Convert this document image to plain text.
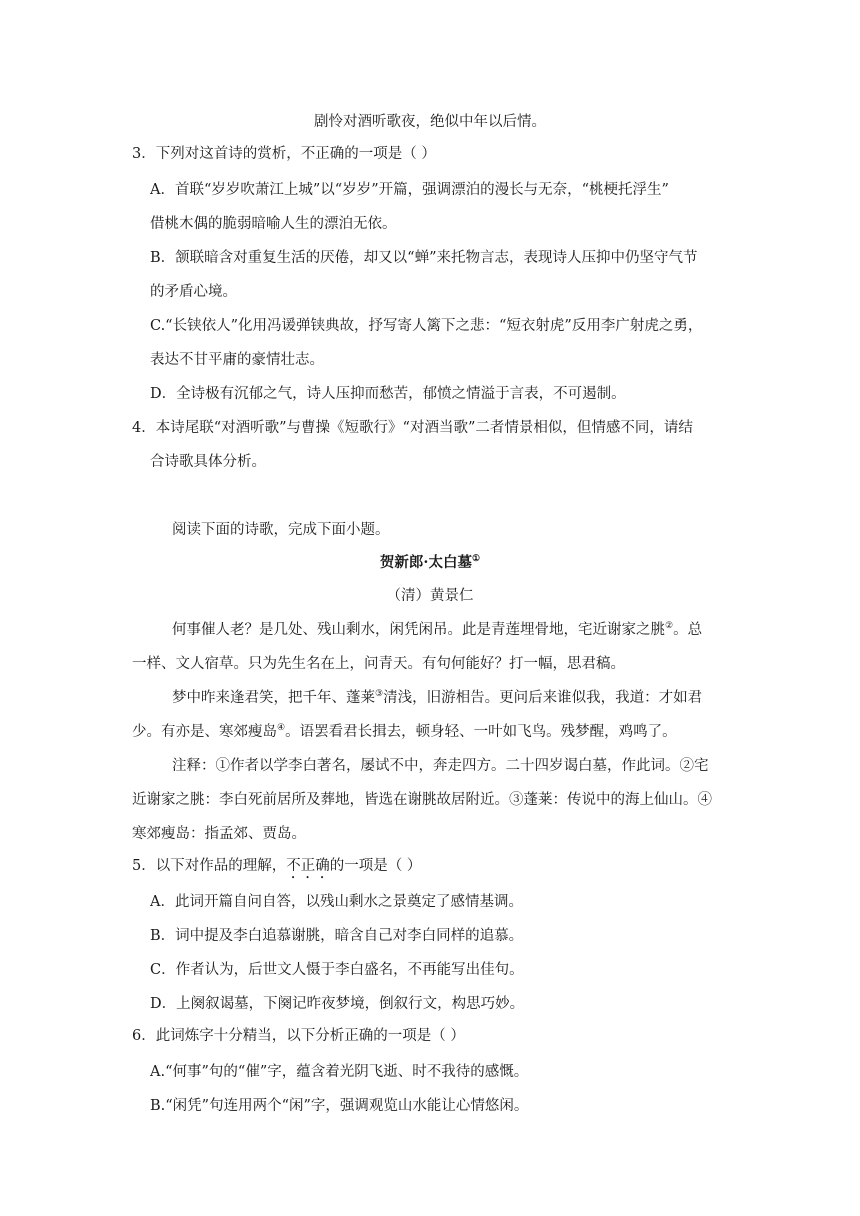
剧怜对酒听歌夜，绝似中年以后情。
3．下列对这首诗的赏析，不正确的一项是（ ）
A．首联“岁岁吹萧江上城”以“岁岁”开篇，强调漂泊的漫长与无奈，“桃梗托浮生”
借桃木偶的脆弱暗喻人生的漂泊无依。
B．颔联暗含对重复生活的厌倦，却又以“蝉”来托物言志，表现诗人压抑中仍坚守气节
的矛盾心境。
C.“长铗依人”化用冯谖弹铗典故，抒写寄人篱下之悲：“短衣射虎”反用李广射虎之勇，
表达不甘平庸的豪情壮志。
D．全诗极有沉郁之气，诗人压抑而愁苦，郁愤之情溢于言表，不可遏制。
4．本诗尾联“对酒听歌”与曹操《短歌行》“对酒当歌”二者情景相似，但情感不同，请结
合诗歌具体分析。
阅读下面的诗歌，完成下面小题。
贺新郎·太白墓①
（清）黄景仁
何事催人老？是几处、残山剩水，闲凭闲吊。此是青莲埋骨地，宅近谢家之朓②。总
一样、文人宿草。只为先生名在上，问青天。有句何能好？打一幅，思君稿。
梦中昨来逢君笑，把千年、蓬莱③清浅，旧游相告。更问后来谁似我，我道：才如君
少。有亦是、寒郊瘦岛④。语罢看君长揖去，顿身轻、一叶如飞鸟。残梦醒，鸡鸣了。
注释：①作者以学李白著名，屡试不中，奔走四方。二十四岁谒白墓，作此词。②宅
近谢家之朓：李白死前居所及葬地，皆选在谢朓故居附近。③蓬莱：传说中的海上仙山。④
寒郊瘦岛：指孟郊、贾岛。
5．以下对作品的理解，不正确的一项是（ ）
A．此词开篇自问自答，以残山剩水之景奠定了感情基调。
B．词中提及李白追慕谢朓，暗含自己对李白同样的追慕。
C．作者认为，后世文人慑于李白盛名，不再能写出佳句。
D．上阕叙谒墓，下阕记昨夜梦境，倒叙行文，构思巧妙。
6．此词炼字十分精当，以下分析正确的一项是（ ）
A.“何事”句的“催”字，蕴含着光阴飞逝、时不我待的感慨。
B.“闲凭”句连用两个“闲”字，强调观览山水能让心情悠闲。
